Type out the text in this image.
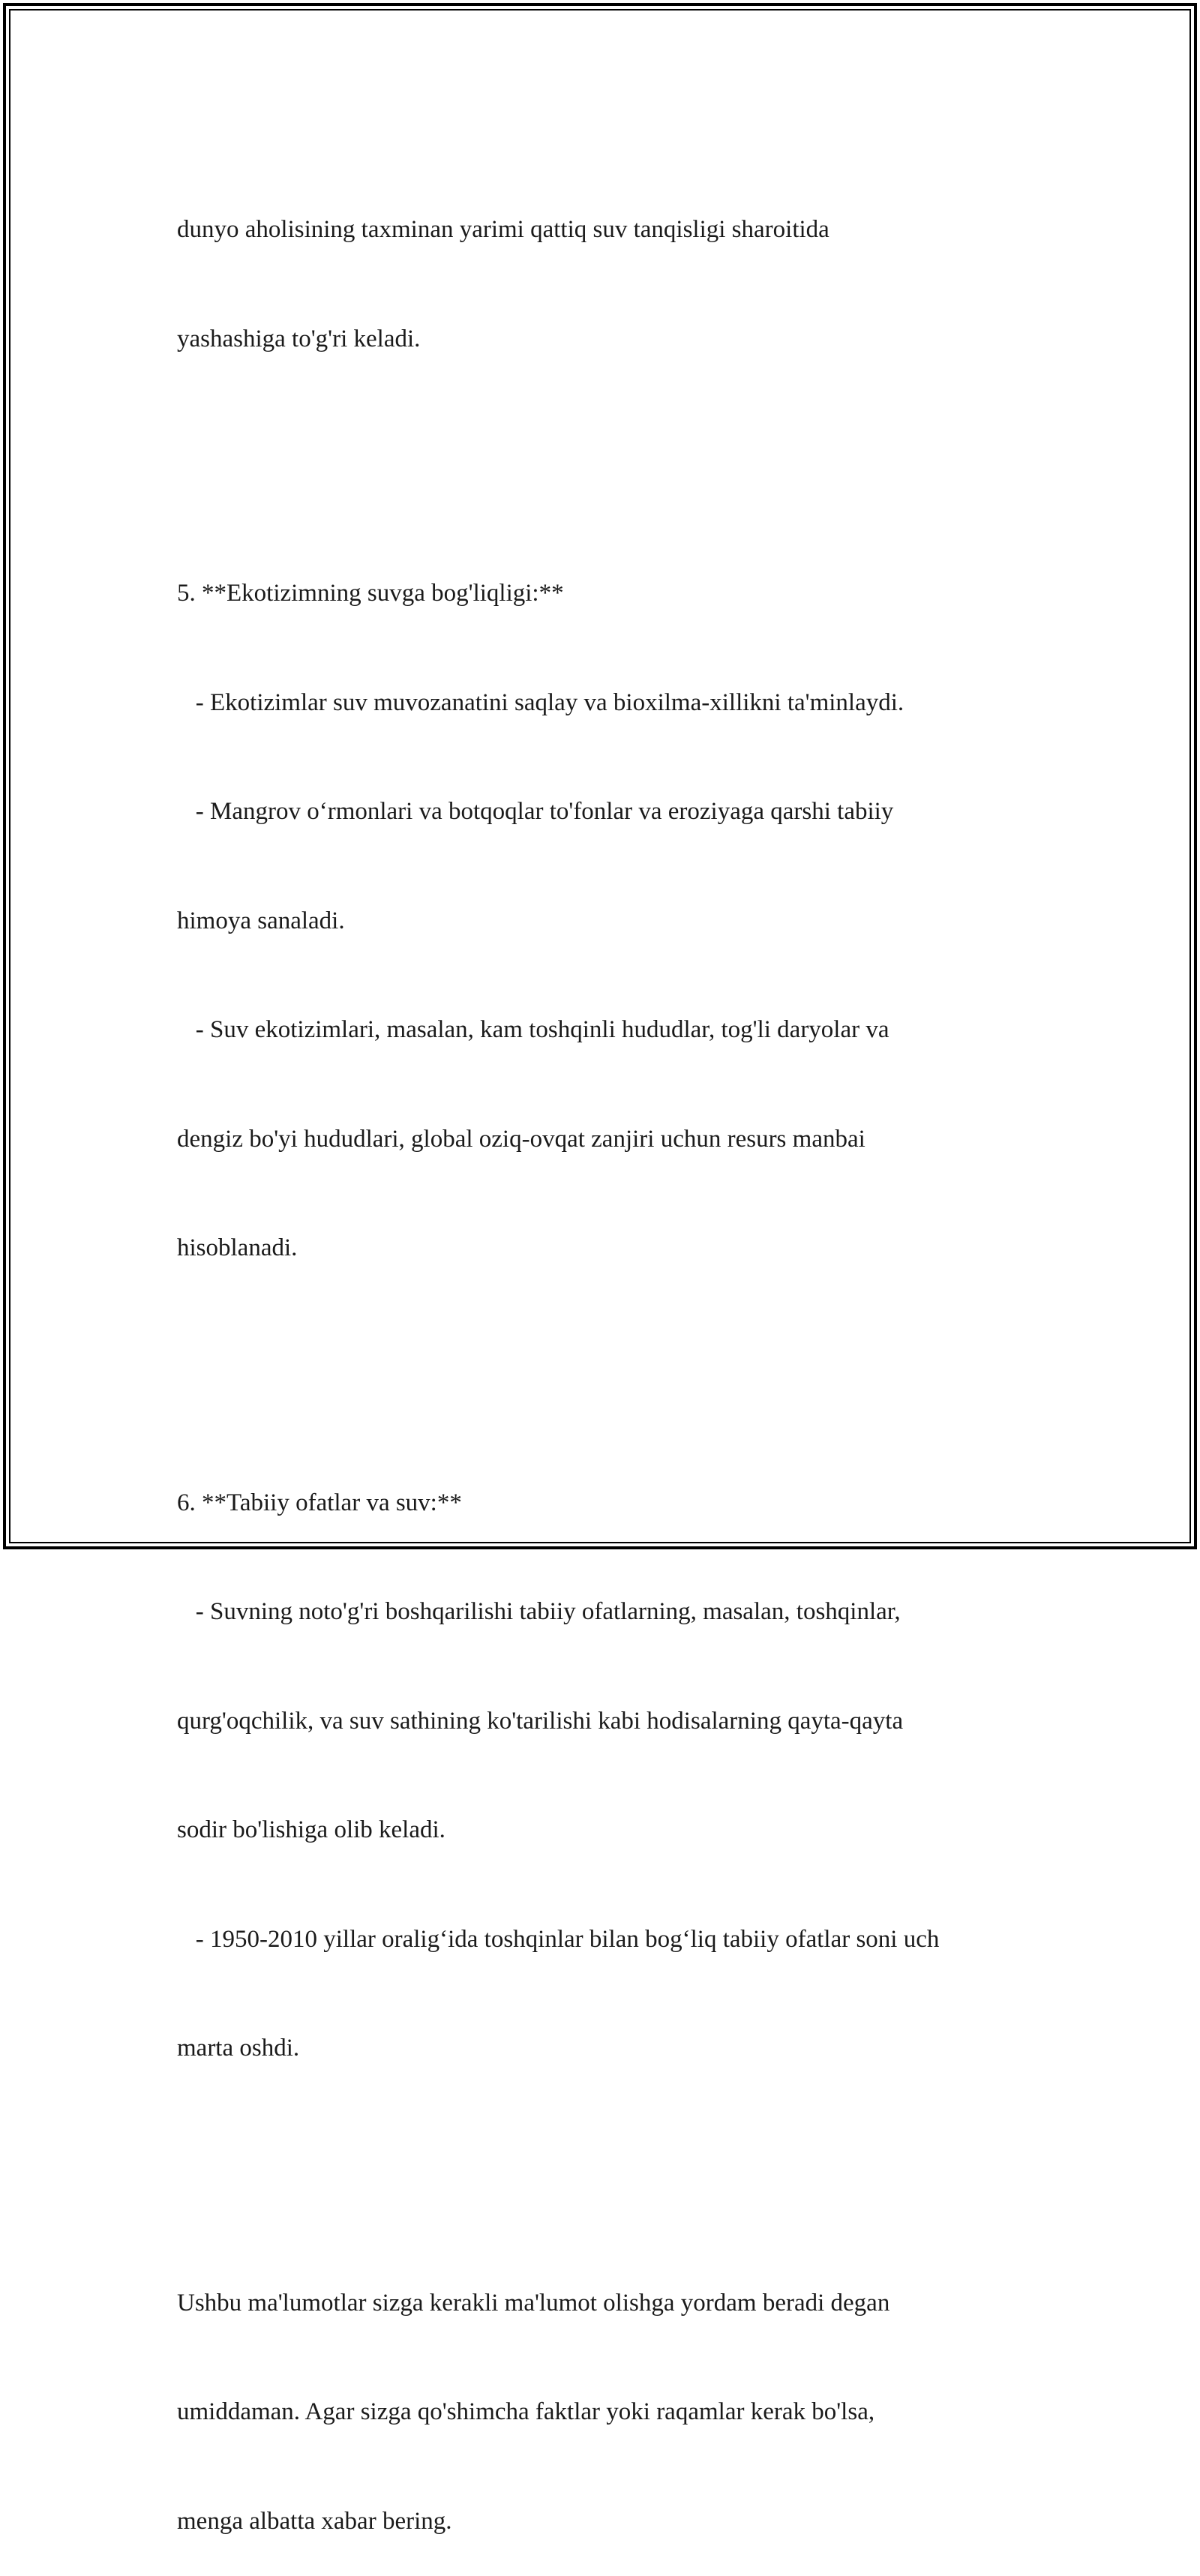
dunyo aholisining taxminan yarimi qattiq suv tanqisligi sharoitida

yashashiga to'g'ri keladi.

5. **Ekotizimning suvga bog'liqligi:**

- Ekotizimlar suv muvozanatini saqlay va bioxilma-xillikni ta'minlaydi.

- Mangrov o‘rmonlari va botqoqlar to'fonlar va eroziyaga qarshi tabiiy

himoya sanaladi.

- Suv ekotizimlari, masalan, kam toshqinli hududlar, tog'li daryolar va

dengiz bo'yi hududlari, global oziq-ovqat zanjiri uchun resurs manbai

hisoblanadi.

6. **Tabiiy ofatlar va suv:**

- Suvning noto'g'ri boshqarilishi tabiiy ofatlarning, masalan, toshqinlar,

qurg'oqchilik, va suv sathining ko'tarilishi kabi hodisalarning qayta-qayta

sodir bo'lishiga olib keladi.

- 1950-2010 yillar oralig‘ida toshqinlar bilan bog‘liq tabiiy ofatlar soni uch

marta oshdi.

Ushbu ma'lumotlar sizga kerakli ma'lumot olishga yordam beradi degan

umiddaman. Agar sizga qo'shimcha faktlar yoki raqamlar kerak bo'lsa,

menga albatta xabar bering.
